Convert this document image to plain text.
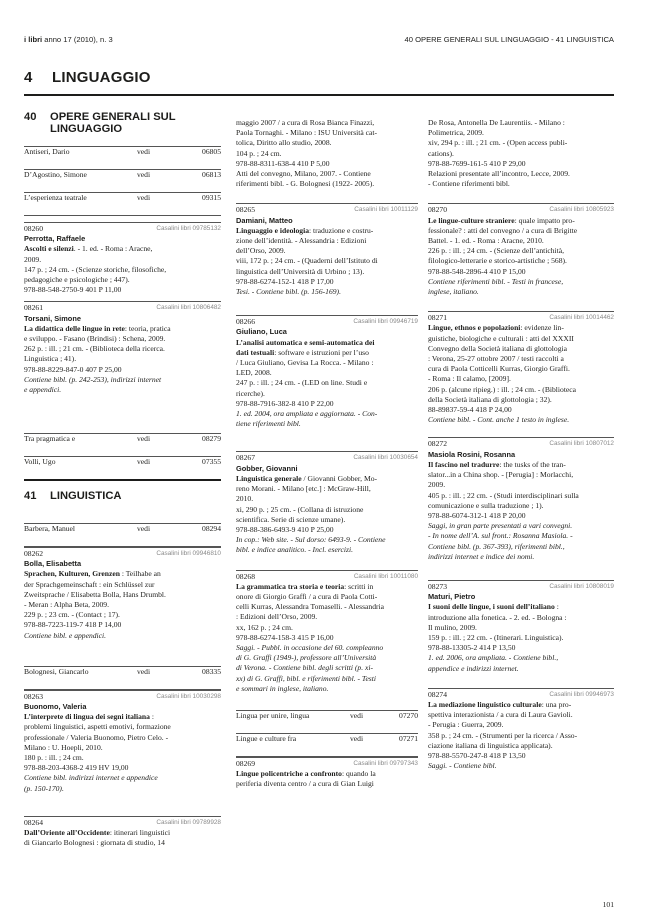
i libri anno 17 (2010), n. 3	40 OPERE GENERALI SUL LINGUAGGIO - 41 LINGUISTICA
4 LINGUAGGIO
40 OPERE GENERALI SUL LINGUAGGIO
Antiseri, Dario	vedi	06805
D’Agostino, Simone	vedi	06813
L’esperienza teatrale	vedi	09315
08260	Casalini libri 09785132
Perrotta, Raffaele
Ascolti e silenzi. - 1. ed. - Roma : Aracne,
2009.
147 p. ; 24 cm. - (Scienze storiche, filosofiche,
pedagogiche e psicologiche ; 447).
978-88-548-2750-9 401 P 11,00
08261	Casalini libri 10806482
Torsani, Simone
La didattica delle lingue in rete: teoria, pratica
e sviluppo. - Fasano (Brindisi) : Schena, 2009.
262 p. : ill. ; 21 cm. - (Biblioteca della ricerca.
Linguistica ; 41).
978-88-8229-847-0 407 P 25,00
Contiene bibl. (p. 242-253), indirizzi internet
e appendici.
Tra pragmatica e	vedi	08279
Volli, Ugo	vedi	07355
41 LINGUISTICA
Barbera, Manuel	vedi	08294
08262	Casalini libri 09946810
Bolla, Elisabetta
Sprachen, Kulturen, Grenzen : Teilhabe an
der Sprachgemeinschaft : ein Schlüssel zur
Zweitsprache / Elisabetta Bolla, Hans Drumbl.
- Meran : Alpha Beta, 2009.
229 p. ; 23 cm. - (Contact ; 17).
978-88-7223-119-7 418 P 14,00
Contiene bibl. e appendici.
Bolognesi, Giancarlo	vedi	08335
08263	Casalini libri 10030298
Buonomo, Valeria
L’interprete di lingua dei segni italiana :
problemi linguistici, aspetti emotivi, formazione
professionale / Valeria Buonomo, Pietro Celo. -
Milano : U. Hoepli, 2010.
180 p. : ill. ; 24 cm.
978-88-203-4368-2 419 HV 19,00
Contiene bibl. indirizzi internet e appendice
(p. 150-170).
08264	Casalini libri 09789928
Dall’Oriente all’Occidente: itinerari linguistici
di Giancarlo Bolognesi : giornata di studio, 14
maggio 2007 / a cura di Rosa Bianca Finazzi,
Paola Tornaghi. - Milano : ISU Università cat-
tolica, Diritto allo studio, 2008.
104 p. ; 24 cm.
978-88-8311-638-4 410 P 5,00
Atti del convegno, Milano, 2007. - Contiene
riferimenti bibl. - G. Bolognesi (1922- 2005).
08265	Casalini libri 10011129
Damiani, Matteo
Linguaggio e ideologia: traduzione e costru-
zione dell’identità. - Alessandria : Edizioni
dell’Orso, 2009.
viii, 172 p. ; 24 cm. - (Quaderni dell’Istituto di
linguistica dell’Università di Urbino ; 13).
978-88-6274-152-1 418 P 17,00
Tesi. - Contiene bibl. (p. 156-169).
08266	Casalini libri 09946719
Giuliano, Luca
L’analisi automatica e semi-automatica dei
dati testuali: software e istruzioni per l’uso
/ Luca Giuliano, Gevisa La Rocca. - Milano :
LED, 2008.
247 p. : ill. ; 24 cm. - (LED on line. Studi e
ricerche).
978-88-7916-382-8 410 P 22,00
1. ed. 2004, ora ampliata e aggiornata. - Con-
tiene riferimenti bibl.
08267	Casalini libri 10030654
Gobber, Giovanni
Linguistica generale / Giovanni Gobber, Mo-
reno Morani. - Milano [etc.] : McGraw-Hill,
2010.
xi, 290 p. ; 25 cm. - (Collana di istruzione
scientifica. Serie di scienze umane).
978-88-386-6493-9 410 P 25,00
In cop.: Web site. - Sul dorso: 6493-9. - Contiene
bibl. e indice analitico. - Incl. esercizi.
08268	Casalini libri 10011080
La grammatica tra storia e teoria: scritti in
onore di Giorgio Graffi / a cura di Paola Cotti-
celli Kurras, Alessandra Tomaselli. - Alessandria
: Edizioni dell’Orso, 2009.
xx, 162 p. ; 24 cm.
978-88-6274-158-3 415 P 16,00
Saggi. - Pubbl. in occasione del 60. compleanno
di G. Graffi (1949-), professore all’Università
di Verona. - Contiene bibl. degli scritti (p. xi-
xx) di G. Graffi, bibl. e riferimenti bibl. - Testi
e sommari in inglese, italiano.
Lingua per unire, lingua	vedi	07270
Lingue e culture fra	vedi	07271
08269	Casalini libri 09797343
Lingue policentriche a confronto: quando la
periferia diventa centro / a cura di Gian Luigi
De Rosa, Antonella De Laurentiis. - Milano :
Polimetrica, 2009.
xiv, 294 p. : ill. ; 21 cm. - (Open access publi-
cations).
978-88-7699-161-5 410 P 29,00
Relazioni presentate all’incontro, Lecce, 2009.
- Contiene riferimenti bibl.
08270	Casalini libri 10805923
Le lingue-culture straniere: quale impatto pro-
fessionale? : atti del convegno / a cura di Brigitte
Battel. - 1. ed. - Roma : Aracne, 2010.
226 p. : ill. ; 24 cm. - (Scienze dell’antichità,
filologico-letterarie e storico-artistiche ; 568).
978-88-548-2896-4 410 P 15,00
Contiene riferimenti bibl. - Testi in francese,
inglese, italiano.
08271	Casalini libri 10014462
Lingue, ethnos e popolazioni: evidenze lin-
guistiche, biologiche e culturali : atti del XXXII
Convegno della Società italiana di glottologia
: Verona, 25-27 ottobre 2007 / testi raccolti a
cura di Paola Cotticelli Kurras, Giorgio Graffi.
- Roma : Il calamo, [2009].
206 p. (alcune ripieg.) : ill. ; 24 cm. - (Biblioteca
della Società italiana di glottologia ; 32).
88-89837-59-4 418 P 24,00
Contiene bibl. - Cont. anche 1 testo in inglese.
08272	Casalini libri 10807012
Masiola Rosini, Rosanna
Il fascino nel tradurre: the tusks of the tran-
slator...in a China shop. - [Perugia] : Morlacchi,
2009.
405 p. : ill. ; 22 cm. - (Studi interdisciplinari sulla
comunicazione e sulla traduzione ; 1).
978-88-6074-312-1 418 P 20,00
Saggi, in gran parte presentati a vari convegni.
- In nome dell’A. sul front.: Rosanna Masiola. -
Contiene bibl. (p. 367-393), riferimenti bibl.,
indirizzi internet e indice dei nomi.
08273	Casalini libri 10808019
Maturi, Pietro
I suoni delle lingue, i suoni dell’italiano :
introduzione alla fonetica. - 2. ed. - Bologna :
Il mulino, 2009.
159 p. : ill. ; 22 cm. - (Itinerari. Linguistica).
978-88-13305-2 414 P 13,50
1. ed. 2006, ora ampliata. - Contiene bibl.,
appendice e indirizzi internet.
08274	Casalini libri 09946973
La mediazione linguistico culturale: una pro-
spettiva interazionista / a cura di Laura Gavioli.
- Perugia : Guerra, 2009.
358 p. ; 24 cm. - (Strumenti per la ricerca / Asso-
ciazione italiana di linguistica applicata).
978-88-5570-247-8 418 P 13,50
Saggi. - Contiene bibl.
101
